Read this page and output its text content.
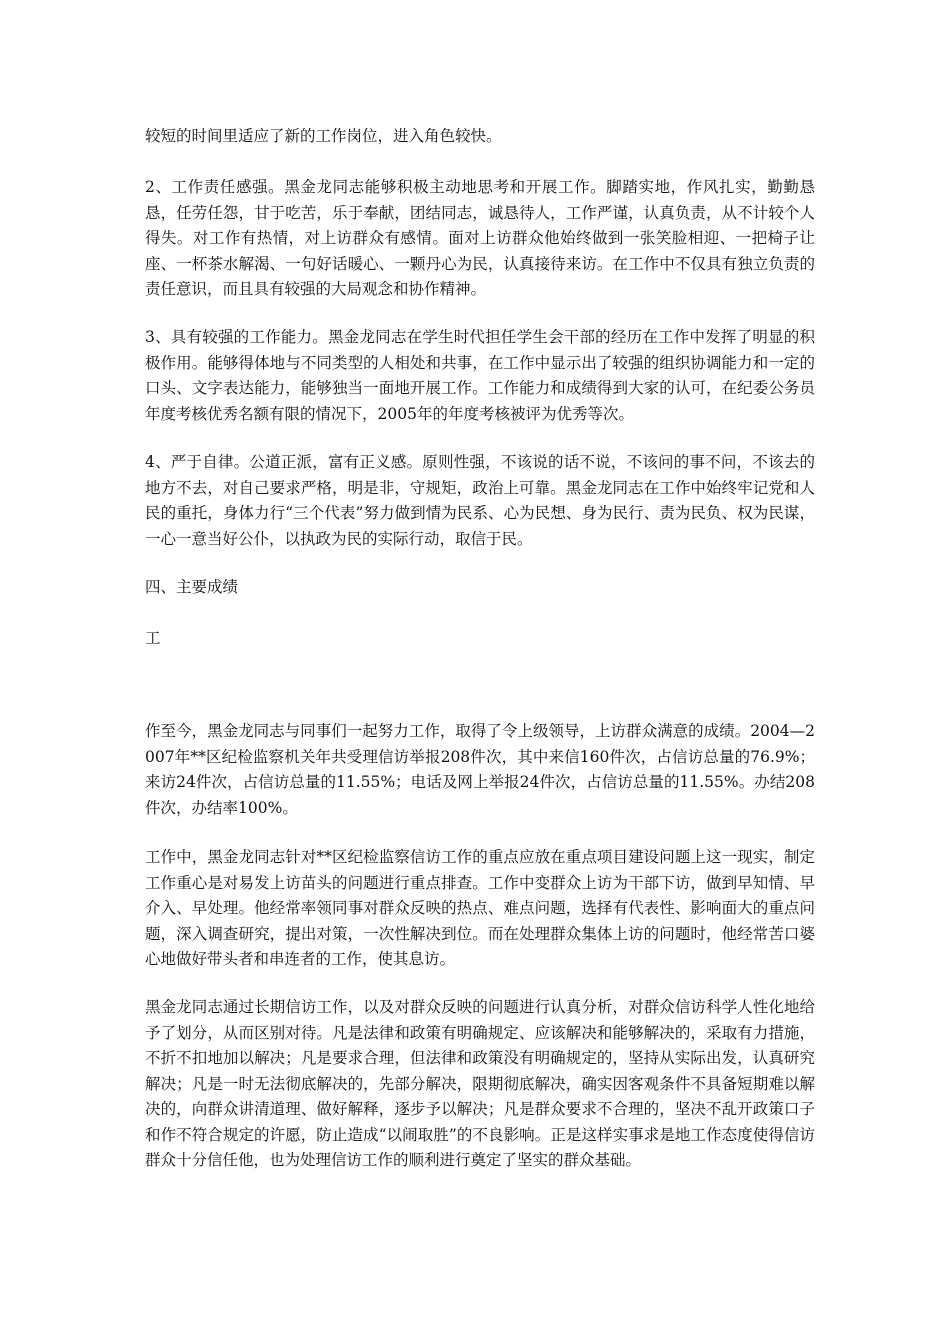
较短的时间里适应了新的工作岗位，进入角色较快。

2、工作责任感强。黑金龙同志能够积极主动地思考和开展工作。脚踏实地，作风扎实，勤勤恳恳，任劳任怨，甘于吃苦，乐于奉献，团结同志，诚恳待人，工作严谨，认真负责，从不计较个人得失。对工作有热情，对上访群众有感情。面对上访群众他始终做到一张笑脸相迎、一把椅子让座、一杯茶水解渴、一句好话暖心、一颗丹心为民，认真接待来访。在工作中不仅具有独立负责的责任意识，而且具有较强的大局观念和协作精神。

3、具有较强的工作能力。黑金龙同志在学生时代担任学生会干部的经历在工作中发挥了明显的积极作用。能够得体地与不同类型的人相处和共事，在工作中显示出了较强的组织协调能力和一定的口头、文字表达能力，能够独当一面地开展工作。工作能力和成绩得到大家的认可，在纪委公务员年度考核优秀名额有限的情况下，2005年的年度考核被评为优秀等次。

4、严于自律。公道正派，富有正义感。原则性强，不该说的话不说，不该问的事不问，不该去的地方不去，对自己要求严格，明是非，守规矩，政治上可靠。黑金龙同志在工作中始终牢记党和人民的重托，身体力行“三个代表”努力做到情为民系、心为民想、身为民行、责为民负、权为民谋，一心一意当好公仆，以执政为民的实际行动，取信于民。

四、主要成绩

工

作至今，黑金龙同志与同事们一起努力工作，取得了令上级领导，上访群众满意的成绩。2004—2007年**区纪检监察机关年共受理信访举报208件次，其中来信160件次，占信访总量的76.9%；来访24件次，占信访总量的11.55%；电话及网上举报24件次，占信访总量的11.55%。办结208件次，办结率100%。

工作中，黑金龙同志针对**区纪检监察信访工作的重点应放在重点项目建设问题上这一现实，制定工作重心是对易发上访苗头的问题进行重点排查。工作中变群众上访为干部下访，做到早知情、早介入、早处理。他经常率领同事对群众反映的热点、难点问题，选择有代表性、影响面大的重点问题，深入调查研究，提出对策，一次性解决到位。而在处理群众集体上访的问题时，他经常苦口婆心地做好带头者和串连者的工作，使其息访。

黑金龙同志通过长期信访工作，以及对群众反映的问题进行认真分析，对群众信访科学人性化地给予了划分，从而区别对待。凡是法律和政策有明确规定、应该解决和能够解决的，采取有力措施，不折不扣地加以解决；凡是要求合理，但法律和政策没有明确规定的，坚持从实际出发，认真研究解决；凡是一时无法彻底解决的，先部分解决，限期彻底解决，确实因客观条件不具备短期难以解决的，向群众讲清道理、做好解释，逐步予以解决；凡是群众要求不合理的，坚决不乱开政策口子和作不符合规定的许愿，防止造成“以闹取胜”的不良影响。正是这样实事求是地工作态度使得信访群众十分信任他，也为处理信访工作的顺利进行奠定了坚实的群众基础。
